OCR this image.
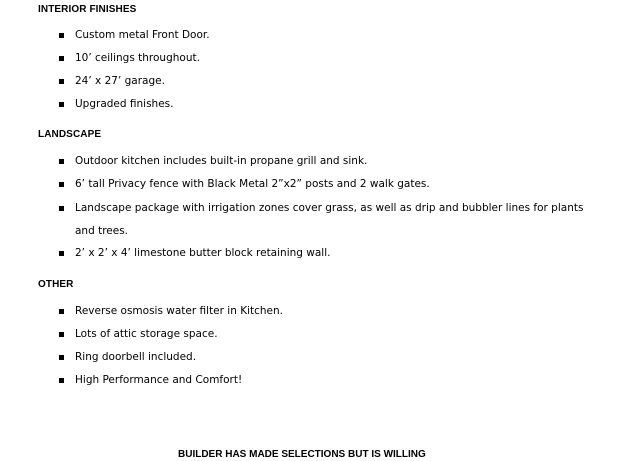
INTERIOR FINISHES
Custom metal Front Door.
10’ ceilings throughout.
24’ x 27’ garage.
Upgraded finishes.
LANDSCAPE
Outdoor kitchen includes built-in propane grill and sink.
6’ tall Privacy fence with Black Metal 2”x2” posts and 2 walk gates.
Landscape package with irrigation zones cover grass, as well as drip and bubbler lines for plants and trees.
2’ x 2’ x 4’ limestone butter block retaining wall.
OTHER
Reverse osmosis water filter in Kitchen.
Lots of attic storage space.
Ring doorbell included.
High Performance and Comfort!
BUILDER HAS MADE SELECTIONS BUT IS WILLING
